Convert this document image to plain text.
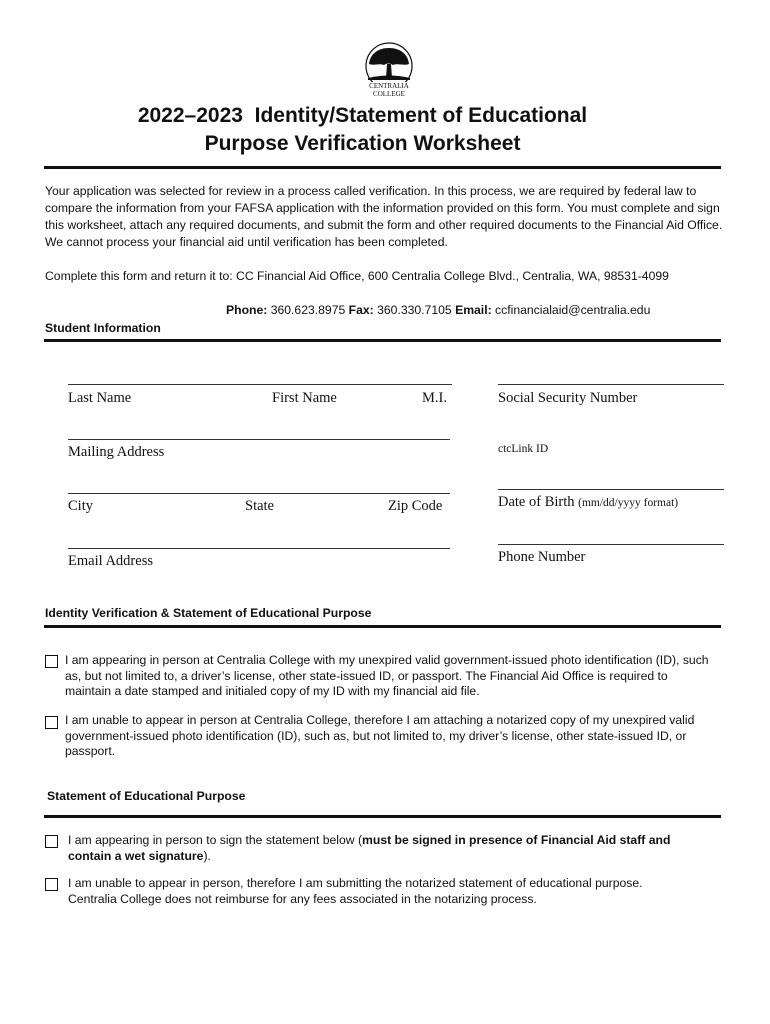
CENTRALIA
COLLEGE
2022–2023  Identity/Statement of Educational
Purpose Verification Worksheet
Your application was selected for review in a process called verification. In this process, we are required by federal law to compare the information from your FAFSA application with the information provided on this form. You must complete and sign this worksheet, attach any required documents, and submit the form and other required documents to the Financial Aid Office. We cannot process your financial aid until verification has been completed.
Complete this form and return it to: CC Financial Aid Office, 600 Centralia College Blvd., Centralia, WA, 98531-4099
Phone: 360.623.8975 Fax: 360.330.7105 Email: ccfinancialaid@centralia.edu
Student Information
Last Name	First Name	M.I.	Social Security Number
Mailing Address	ctcLink ID
City	State	Zip Code	Date of Birth (mm/dd/yyyy format)
Email Address	Phone Number
Identity Verification & Statement of Educational Purpose
I am appearing in person at Centralia College with my unexpired valid government-issued photo identification (ID), such as, but not limited to, a driver’s license, other state-issued ID, or passport. The Financial Aid Office is required to maintain a date stamped and initialed copy of my ID with my financial aid file.
I am unable to appear in person at Centralia College, therefore I am attaching a notarized copy of my unexpired valid government-issued photo identification (ID), such as, but not limited to, my driver’s license, other state-issued ID, or passport.
Statement of Educational Purpose
I am appearing in person to sign the statement below (must be signed in presence of Financial Aid staff and contain a wet signature).
I am unable to appear in person, therefore I am submitting the notarized statement of educational purpose. Centralia College does not reimburse for any fees associated in the notarizing process.
